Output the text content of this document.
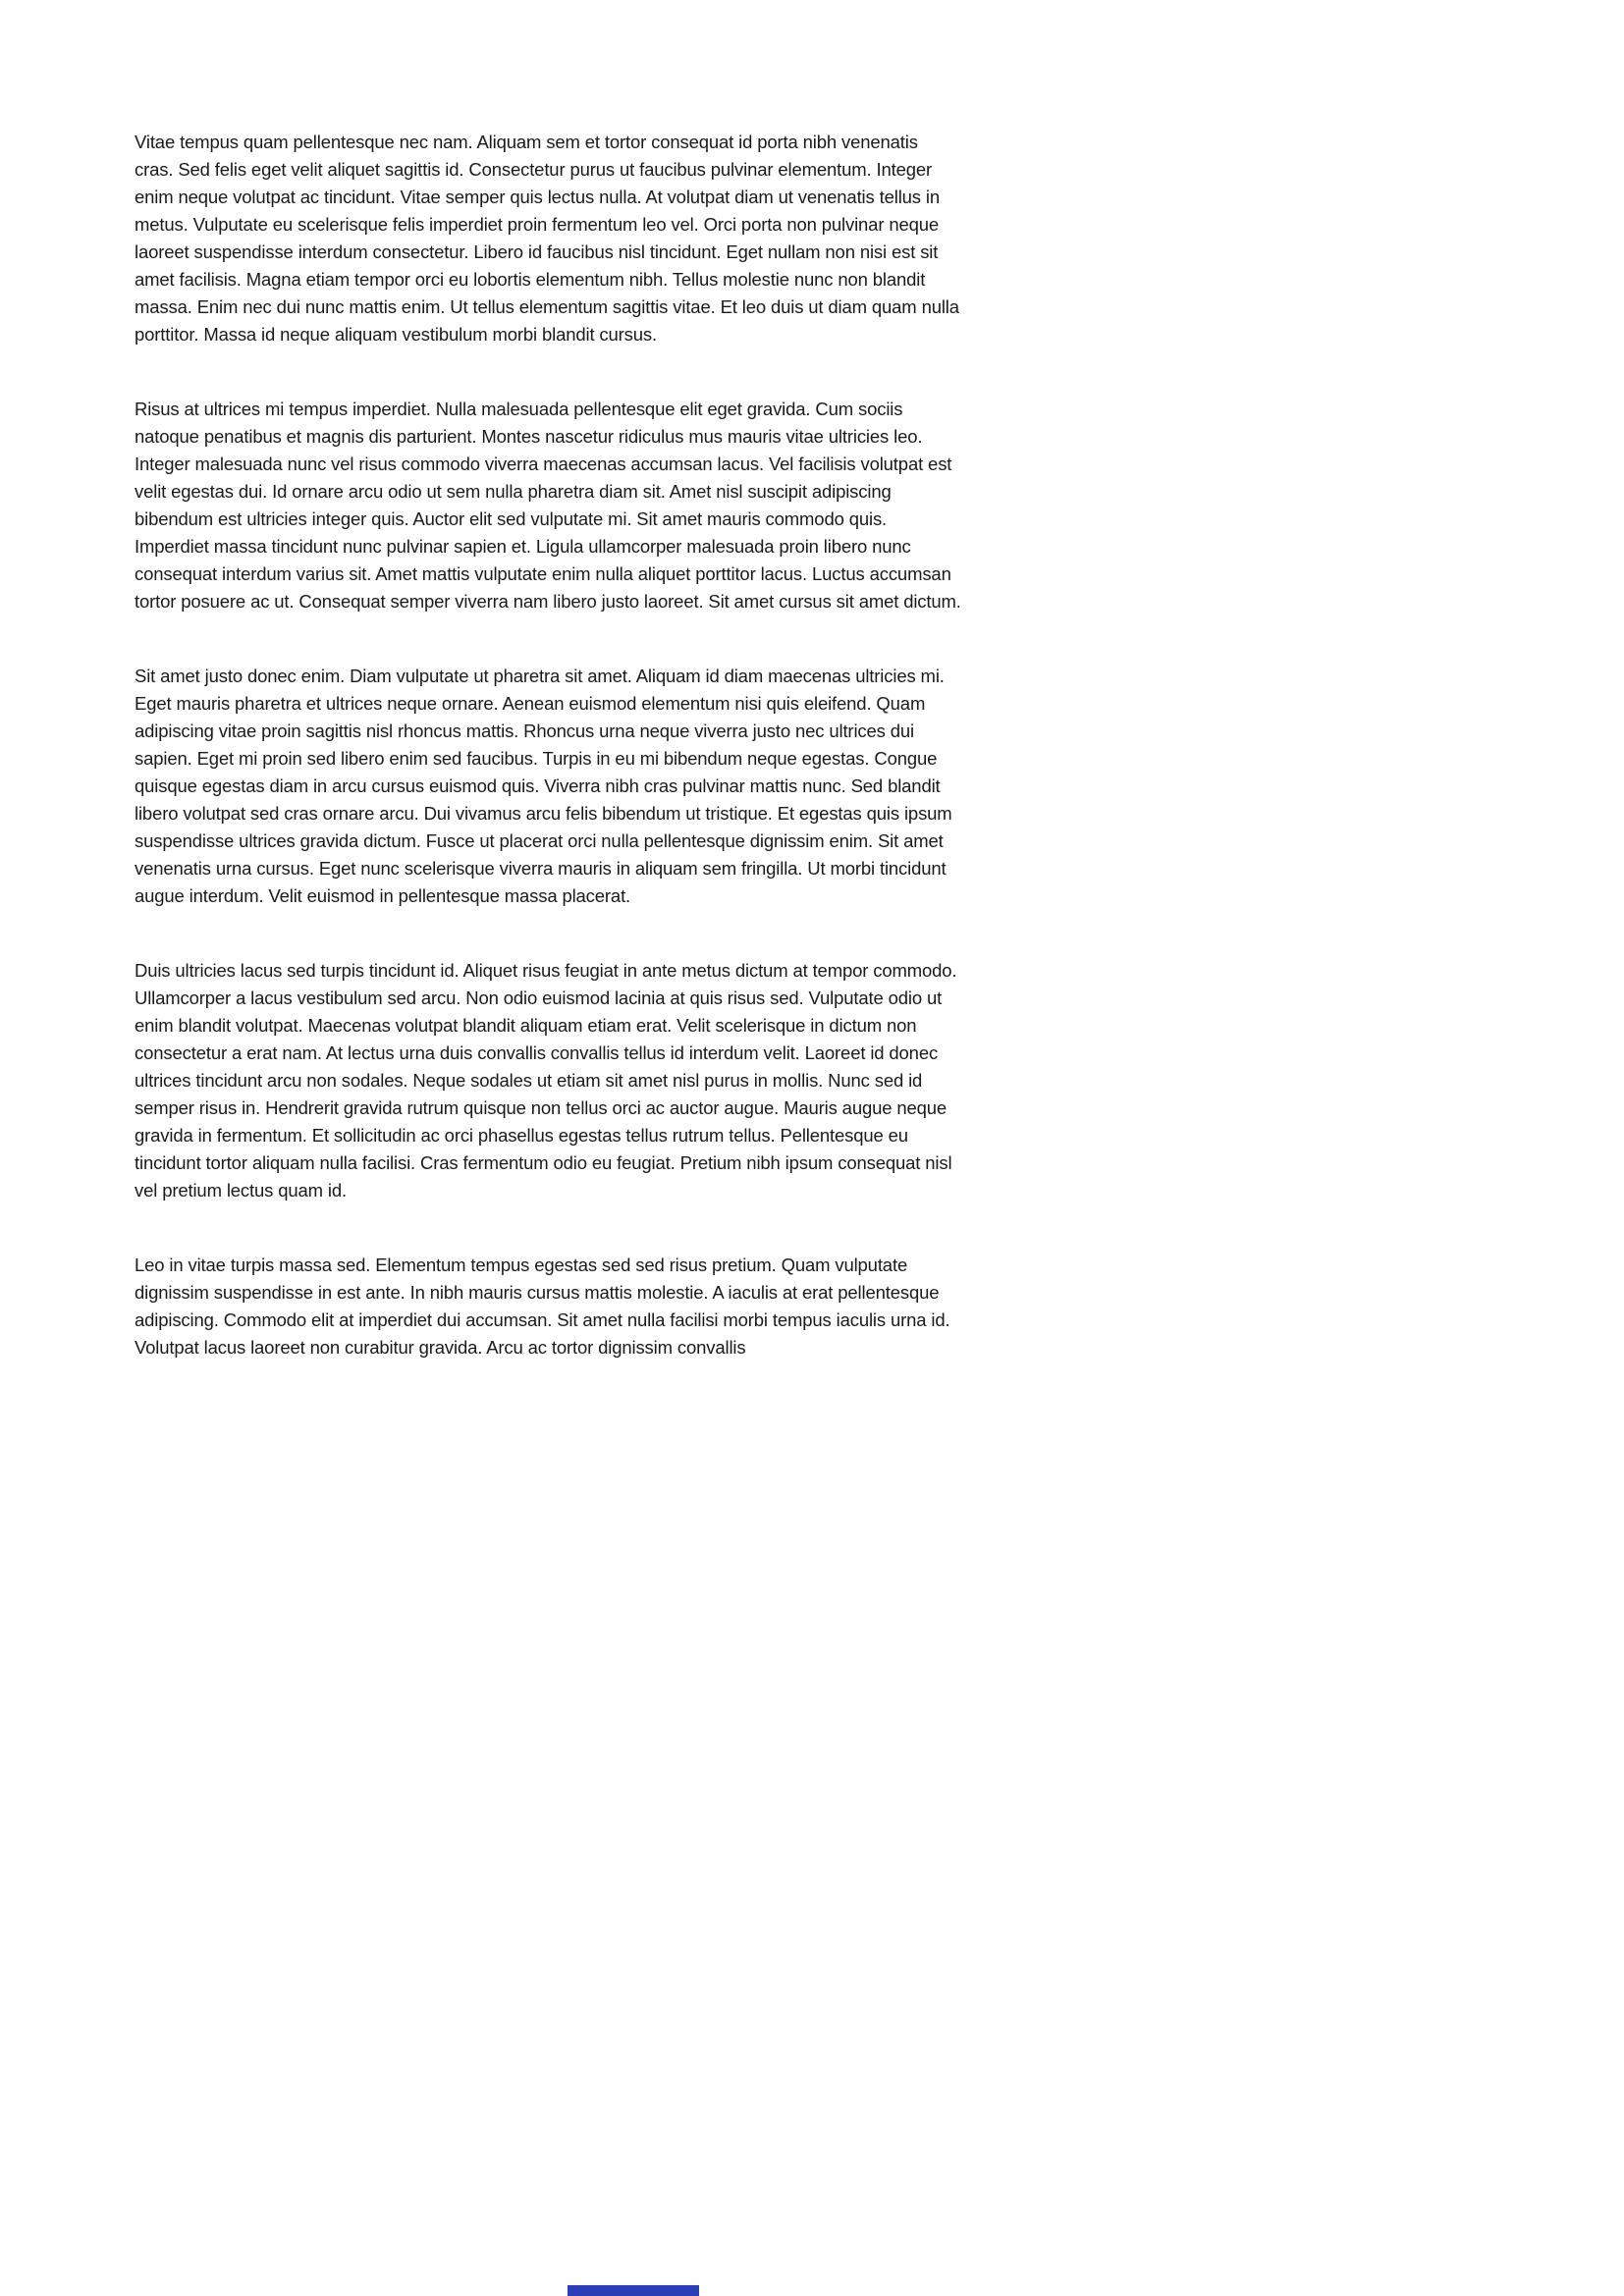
Vitae tempus quam pellentesque nec nam. Aliquam sem et tortor consequat id porta nibh venenatis cras. Sed felis eget velit aliquet sagittis id. Consectetur purus ut faucibus pulvinar elementum. Integer enim neque volutpat ac tincidunt. Vitae semper quis lectus nulla. At volutpat diam ut venenatis tellus in metus. Vulputate eu scelerisque felis imperdiet proin fermentum leo vel. Orci porta non pulvinar neque laoreet suspendisse interdum consectetur. Libero id faucibus nisl tincidunt. Eget nullam non nisi est sit amet facilisis. Magna etiam tempor orci eu lobortis elementum nibh. Tellus molestie nunc non blandit massa. Enim nec dui nunc mattis enim. Ut tellus elementum sagittis vitae. Et leo duis ut diam quam nulla porttitor. Massa id neque aliquam vestibulum morbi blandit cursus.

Risus at ultrices mi tempus imperdiet. Nulla malesuada pellentesque elit eget gravida. Cum sociis natoque penatibus et magnis dis parturient. Montes nascetur ridiculus mus mauris vitae ultricies leo. Integer malesuada nunc vel risus commodo viverra maecenas accumsan lacus. Vel facilisis volutpat est velit egestas dui. Id ornare arcu odio ut sem nulla pharetra diam sit. Amet nisl suscipit adipiscing bibendum est ultricies integer quis. Auctor elit sed vulputate mi. Sit amet mauris commodo quis. Imperdiet massa tincidunt nunc pulvinar sapien et. Ligula ullamcorper malesuada proin libero nunc consequat interdum varius sit. Amet mattis vulputate enim nulla aliquet porttitor lacus. Luctus accumsan tortor posuere ac ut. Consequat semper viverra nam libero justo laoreet. Sit amet cursus sit amet dictum.

Sit amet justo donec enim. Diam vulputate ut pharetra sit amet. Aliquam id diam maecenas ultricies mi. Eget mauris pharetra et ultrices neque ornare. Aenean euismod elementum nisi quis eleifend. Quam adipiscing vitae proin sagittis nisl rhoncus mattis. Rhoncus urna neque viverra justo nec ultrices dui sapien. Eget mi proin sed libero enim sed faucibus. Turpis in eu mi bibendum neque egestas. Congue quisque egestas diam in arcu cursus euismod quis. Viverra nibh cras pulvinar mattis nunc. Sed blandit libero volutpat sed cras ornare arcu. Dui vivamus arcu felis bibendum ut tristique. Et egestas quis ipsum suspendisse ultrices gravida dictum. Fusce ut placerat orci nulla pellentesque dignissim enim. Sit amet venenatis urna cursus. Eget nunc scelerisque viverra mauris in aliquam sem fringilla. Ut morbi tincidunt augue interdum. Velit euismod in pellentesque massa placerat.

Duis ultricies lacus sed turpis tincidunt id. Aliquet risus feugiat in ante metus dictum at tempor commodo. Ullamcorper a lacus vestibulum sed arcu. Non odio euismod lacinia at quis risus sed. Vulputate odio ut enim blandit volutpat. Maecenas volutpat blandit aliquam etiam erat. Velit scelerisque in dictum non consectetur a erat nam. At lectus urna duis convallis convallis tellus id interdum velit. Laoreet id donec ultrices tincidunt arcu non sodales. Neque sodales ut etiam sit amet nisl purus in mollis. Nunc sed id semper risus in. Hendrerit gravida rutrum quisque non tellus orci ac auctor augue. Mauris augue neque gravida in fermentum. Et sollicitudin ac orci phasellus egestas tellus rutrum tellus. Pellentesque eu tincidunt tortor aliquam nulla facilisi. Cras fermentum odio eu feugiat. Pretium nibh ipsum consequat nisl vel pretium lectus quam id.

Leo in vitae turpis massa sed. Elementum tempus egestas sed sed risus pretium. Quam vulputate dignissim suspendisse in est ante. In nibh mauris cursus mattis molestie. A iaculis at erat pellentesque adipiscing. Commodo elit at imperdiet dui accumsan. Sit amet nulla facilisi morbi tempus iaculis urna id. Volutpat lacus laoreet non curabitur gravida. Arcu ac tortor dignissim convallis
